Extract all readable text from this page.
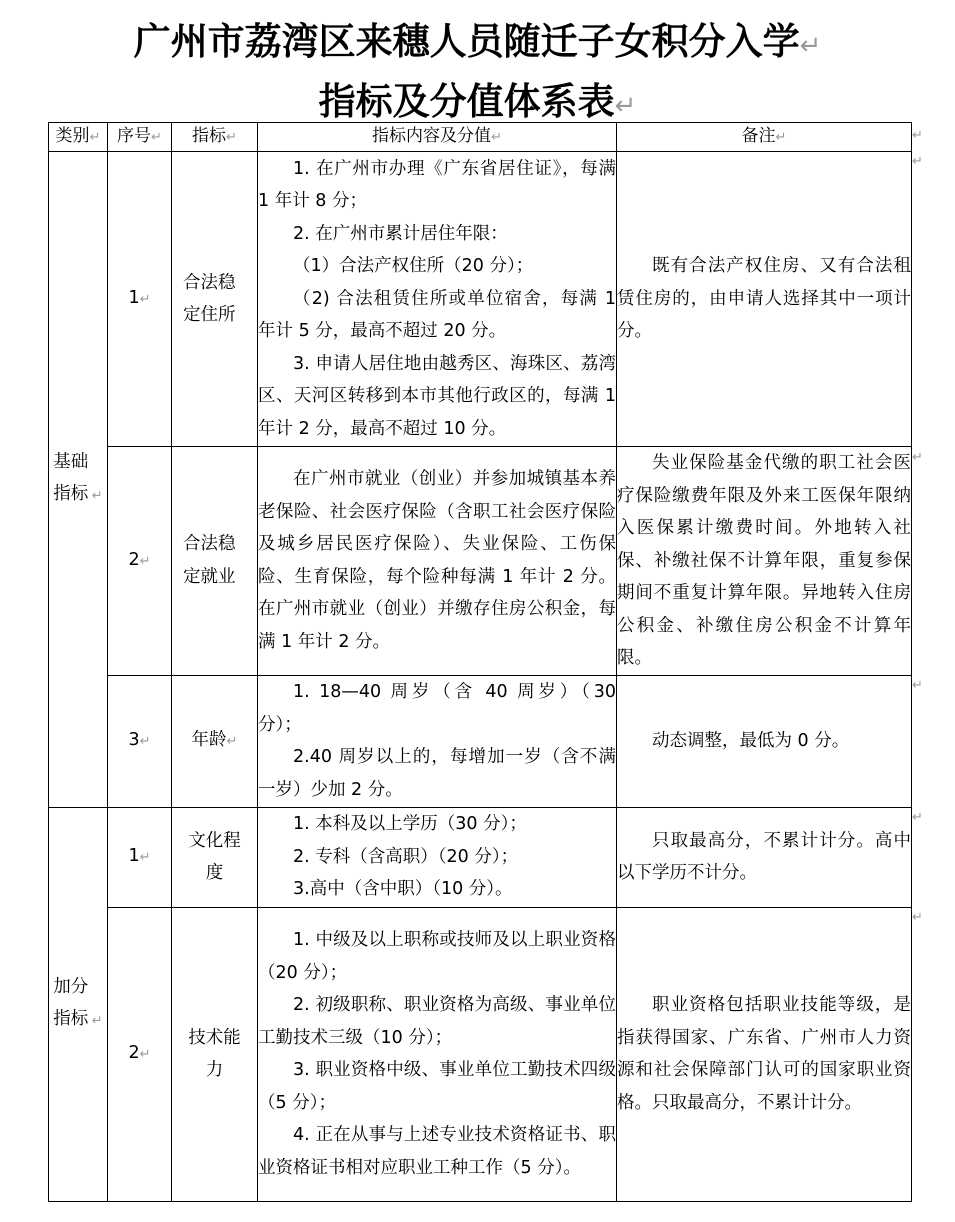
广州市荔湾区来穗人员随迁子女积分入学↵
指标及分值体系表↵
类别↵	序号↵	指标↵	指标内容及分值↵	备注↵
基础指标 ↵	1↵	合法稳定住所	1. 在广州市办理《广东省居住证》，每满 1 年计 8 分；

2. 在广州市累计居住年限：

（1）合法产权住所（20 分）；

（2) 合法租赁住所或单位宿舍，每满 1 年计 5 分，最高不超过 20 分。

3. 申请人居住地由越秀区、海珠区、荔湾区、天河区转移到本市其他行政区的，每满 1 年计 2 分，最高不超过 10 分。	既有合法产权住房、又有合法租赁住房的，由申请人选择其中一项计分。

	2↵	合法稳定就业	在广州市就业（创业）并参加城镇基本养老保险、社会医疗保险（含职工社会医疗保险及城乡居民医疗保险）、失业保险、工伤保险、生育保险，每个险种每满 1 年计 2 分。在广州市就业（创业）并缴存住房公积金，每满 1 年计 2 分。	失业保险基金代缴的职工社会医疗保险缴费年限及外来工医保年限纳入医保累计缴费时间。外地转入社保、补缴社保不计算年限，重复参保期间不重复计算年限。异地转入住房公积金、补缴住房公积金不计算年限。

	3↵	年龄↵	1. 18—40 周岁（含 40 周岁）（30 分）；

2.40 周岁以上的，每增加一岁（含不满一岁）少加 2 分。	动态调整，最低为 0 分。

加分指标 ↵	1↵	文化程度	1. 本科及以上学历（30 分）；

2. 专科（含高职）（20 分）；

3.高中（含中职）（10 分）。	只取最高分，不累计计分。高中以下学历不计分。

	2↵	技术能力	1. 中级及以上职称或技师及以上职业资格（20 分）；

2. 初级职称、职业资格为高级、事业单位工勤技术三级（10 分）；

3. 职业资格中级、事业单位工勤技术四级（5 分）；

4. 正在从事与上述专业技术资格证书、职业资格证书相对应职业工种工作（5 分）。	职业资格包括职业技能等级，是指获得国家、广东省、广州市人力资源和社会保障部门认可的国家职业资格。只取最高分，不累计计分。

↵
↵
↵
↵
↵
↵
